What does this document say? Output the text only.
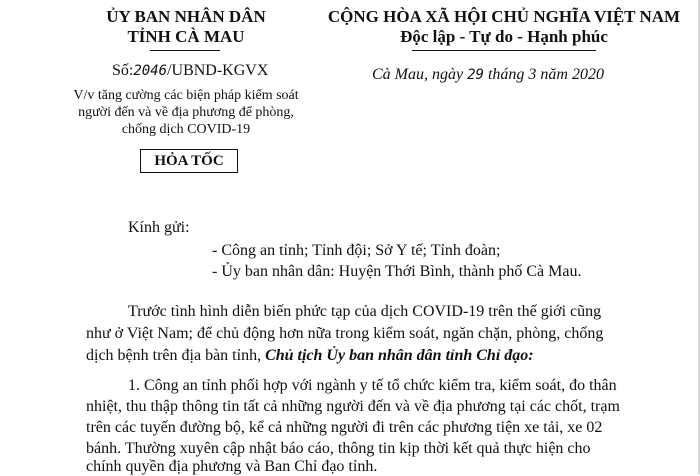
ỦY BAN NHÂN DÂN
TỈNH CÀ MAU
Số:2046/UBND-KGVX
V/v tăng cường các biện pháp kiểm soát
người đến và về địa phương để phòng,
chống dịch COVID-19
HỎA TỐC
CỘNG HÒA XÃ HỘI CHỦ NGHĨA VIỆT NAM
Độc lập - Tự do - Hạnh phúc
Cà Mau, ngày 29 tháng 3 năm 2020
Kính gửi:
- Công an tỉnh; Tỉnh đội; Sở Y tế; Tỉnh đoàn;
- Ủy ban nhân dân: Huyện Thới Bình, thành phố Cà Mau.
Trước tình hình diễn biến phức tạp của dịch COVID-19 trên thế giới cũng
như ở Việt Nam; để chủ động hơn nữa trong kiểm soát, ngăn chặn, phòng, chống
dịch bệnh trên địa bàn tỉnh, Chủ tịch Ủy ban nhân dân tỉnh Chỉ đạo:
1. Công an tỉnh phối hợp với ngành y tế tổ chức kiểm tra, kiểm soát, đo thân
nhiệt, thu thập thông tin tất cả những người đến và về địa phương tại các chốt, trạm
trên các tuyến đường bộ, kể cả những người đi trên các phương tiện xe tải, xe 02
bánh. Thường xuyên cập nhật báo cáo, thông tin kịp thời kết quả thực hiện cho
chính quyền địa phương và Ban Chỉ đạo tỉnh.
